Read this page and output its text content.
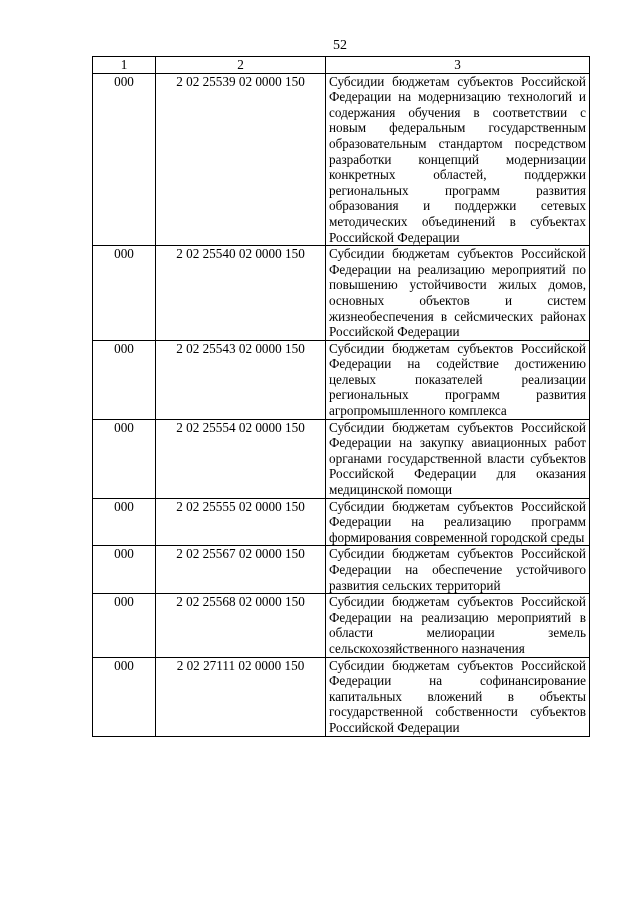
52
1	2	3
000	2 02 25539 02 0000 150	Субсидии бюджетам субъектов Российской Федерации на модернизацию технологий и содержания обучения в соответствии с новым федеральным государственным образовательным стандартом посредством разработки концепций модернизации конкретных областей, поддержки региональных программ развития образования и поддержки сетевых методических объединений в субъектах Российской Федерации
000	2 02 25540 02 0000 150	Субсидии бюджетам субъектов Российской Федерации на реализацию мероприятий по повышению устойчивости жилых домов, основных объектов и систем жизнеобеспечения в сейсмических районах Российской Федерации
000	2 02 25543 02 0000 150	Субсидии бюджетам субъектов Российской Федерации на содействие достижению целевых показателей реализации региональных программ развития агропромышленного комплекса
000	2 02 25554 02 0000 150	Субсидии бюджетам субъектов Российской Федерации на закупку авиационных работ органами государственной власти субъектов Российской Федерации для оказания медицинской помощи
000	2 02 25555 02 0000 150	Субсидии бюджетам субъектов Российской Федерации на реализацию программ формирования современной городской среды
000	2 02 25567 02 0000 150	Субсидии бюджетам субъектов Российской Федерации на обеспечение устойчивого развития сельских территорий
000	2 02 25568 02 0000 150	Субсидии бюджетам субъектов Российской Федерации на реализацию мероприятий в области мелиорации земель сельскохозяйственного назначения
000	2 02 27111 02 0000 150	Субсидии бюджетам субъектов Российской Федерации на софинансирование капитальных вложений в объекты государственной собственности субъектов Российской Федерации
